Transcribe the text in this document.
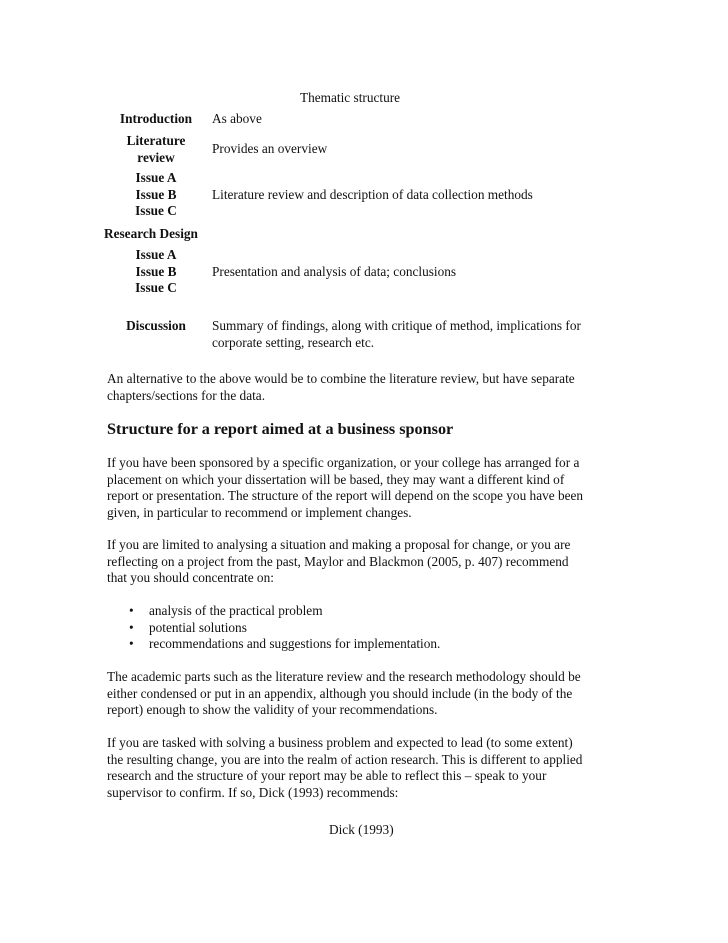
Thematic structure
Introduction	As above
Literature
review
Provides an overview
Issue A
Issue B
Issue C
Literature review and description of data collection methods
Research Design
Issue A
Issue B
Issue C
Presentation and analysis of data; conclusions
Discussion	Summary of findings, along with critique of method, implications for
corporate setting, research etc.
An alternative to the above would be to combine the literature review, but have separate
chapters/sections for the data.
Structure for a report aimed at a business sponsor
If you have been sponsored by a specific organization, or your college has arranged for a
placement on which your dissertation will be based, they may want a different kind of
report or presentation. The structure of the report will depend on the scope you have been
given, in particular to recommend or implement changes.
If you are limited to analysing a situation and making a proposal for change, or you are
reflecting on a project from the past, Maylor and Blackmon (2005, p. 407) recommend
that you should concentrate on:
• analysis of the practical problem
• potential solutions
• recommendations and suggestions for implementation.
The academic parts such as the literature review and the research methodology should be
either condensed or put in an appendix, although you should include (in the body of the
report) enough to show the validity of your recommendations.
If you are tasked with solving a business problem and expected to lead (to some extent)
the resulting change, you are into the realm of action research. This is different to applied
research and the structure of your report may be able to reflect this – speak to your
supervisor to confirm. If so, Dick (1993) recommends:
Dick (1993)
